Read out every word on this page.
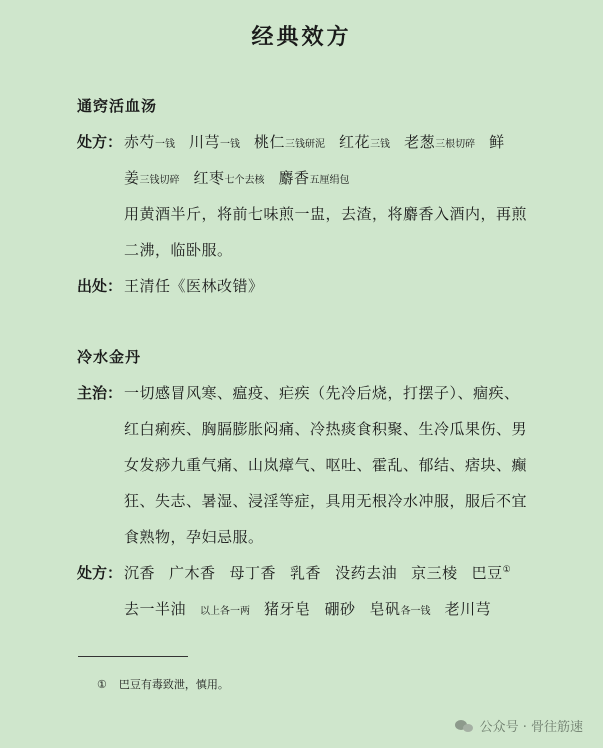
经典效方
通窍活血汤
处方： 赤芍一钱 川芎一钱 桃仁三钱研泥 红花三钱 老葱三根切碎 鲜
姜三钱切碎 红枣七个去核 麝香五厘绢包
用黄酒半斤，将前七味煎一盅，去渣，将麝香入酒内，再煎
二沸，临卧服。
出处： 王清任《医林改错》
冷水金丹
主治： 一切感冒风寒、瘟疫、疟疾（先冷后烧，打摆子）、痼疾、
红白痢疾、胸膈膨胀闷痛、冷热痰食积聚、生冷瓜果伤、男
女发痧九重气痛、山岚瘴气、呕吐、霍乱、郁结、痞块、癫
狂、失志、暑湿、浸淫等症，具用无根冷水冲服，服后不宜
食熟物，孕妇忌服。
处方： 沉香 广木香 母丁香 乳香 没药去油 京三棱 巴豆①
去一半油 以上各一两 猪牙皂 硼砂 皂矾各一钱 老川芎
① 巴豆有毒致泄，慎用。
公众号 · 骨往筋速
